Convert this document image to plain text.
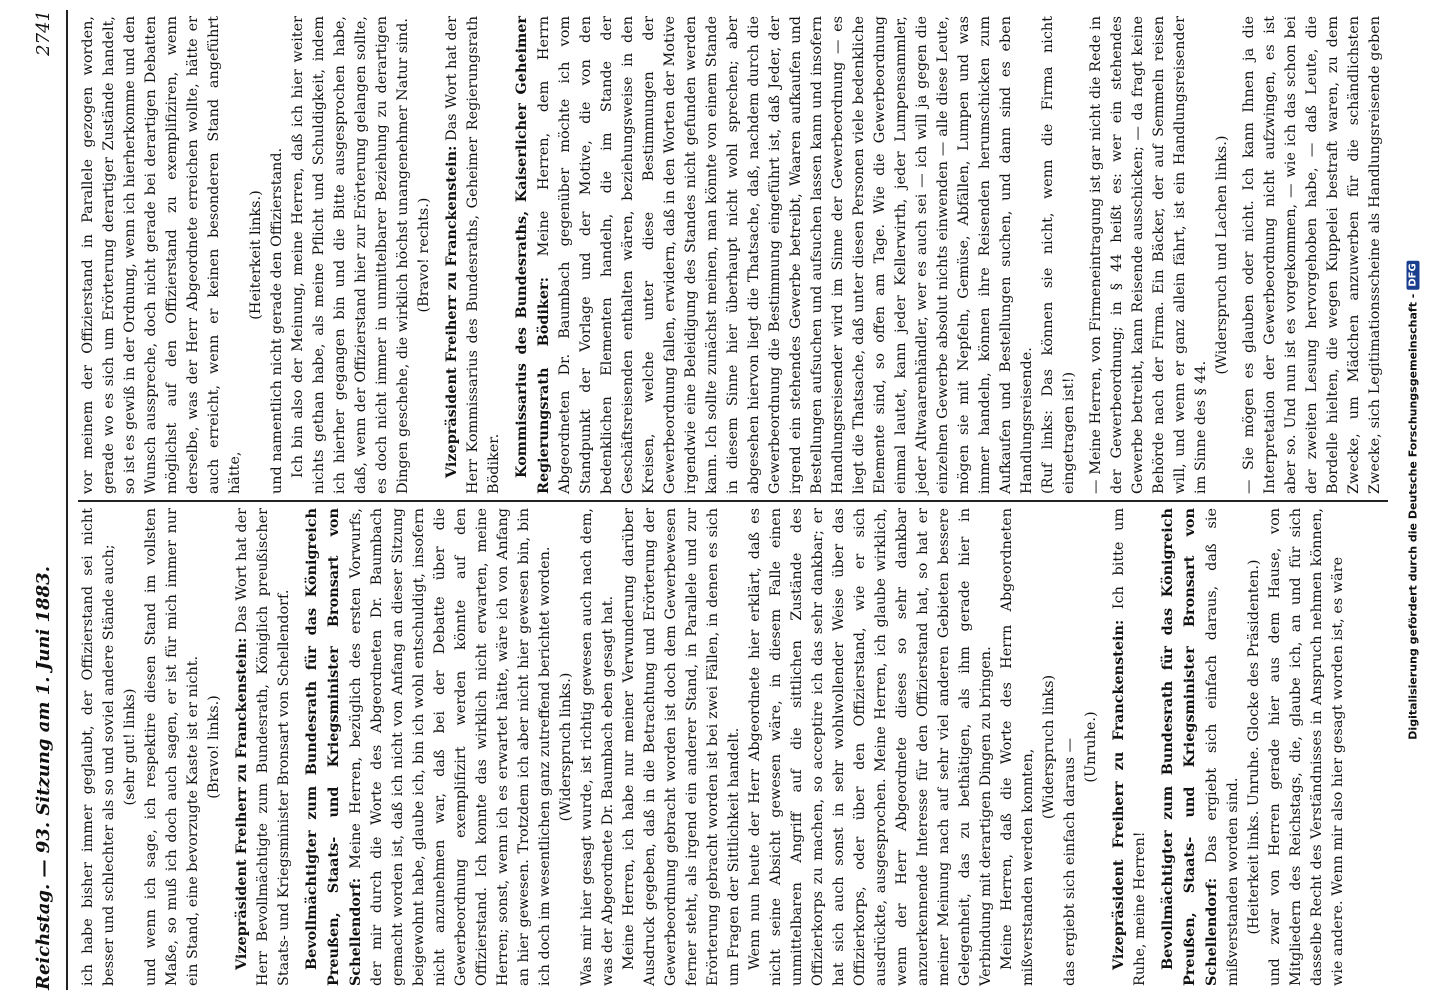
Reichstag. — 93. Sitzung am 1. Juni 1883.
2741

ich habe bisher immer geglaubt, der Offizierstand sei nicht besser und schlechter als so und soviel andere Stände auch; (sehr gut! links) und wenn ich sage, ich respektire diesen Stand im vollsten Maße, so muß ich doch auch sagen, er ist für mich immer nur ein Stand, eine bevorzugte Kaste ist er nicht. (Bravo! links.) Vizepräsident Freiherr zu Franckenstein: Das Wort hat der Herr Bevollmächtigte zum Bundesrath, Königlich preußischer Staats- und Kriegsminister Bronsart von Schellendorf. Bevollmächtigter zum Bundesrath für das Königreich Preußen, Staats- und Kriegsminister Bronsart von Schellendorf: Meine Herren, bezüglich des ersten Vorwurfs, der mir durch die Worte des Abgeordneten Dr. Baumbach gemacht worden ist, daß ich nicht von Anfang an dieser Sitzung beigewohnt habe, glaube ich, bin ich wohl entschuldigt, insofern nicht anzunehmen war, daß bei der Debatte über die Gewerbeordnung exemplifizirt werden könnte auf den Offizierstand. Ich konnte das wirklich nicht erwarten, meine Herren; sonst, wenn ich es erwartet hätte, wäre ich von Anfang an hier gewesen. Trotzdem ich aber nicht hier gewesen bin, bin ich doch im wesentlichen ganz zutreffend berichtet worden. (Widerspruch links.) Was mir hier gesagt wurde, ist richtig gewesen auch nach dem, was der Abgeordnete Dr. Baumbach eben gesagt hat. Meine Herren, ich habe nur meiner Verwunderung darüber Ausdruck gegeben, daß in die Betrachtung und Erörterung der Gewerbeordnung gebracht worden ist doch dem Gewerbewesen ferner steht, als irgend ein anderer Stand, in Parallele und zur Erörterung gebracht worden ist bei zwei Fällen, in denen es sich um Fragen der Sittlichkeit handelt. Wenn nun heute der Herr Abgeordnete hier erklärt, daß es nicht seine Absicht gewesen wäre, in diesem Falle einen unmittelbaren Angriff auf die sittlichen Zustände des Offizierkorps zu machen, so acceptire ich das sehr dankbar; er hat sich auch sonst in sehr wohlwollender Weise über das Offizierkorps, oder über den Offizierstand, wie er sich ausdrückte, ausgesprochen. Meine Herren, ich glaube wirklich, wenn der Herr Abgeordnete dieses so sehr dankbar anzuerkennende Interesse für den Offizierstand hat, so hat er meiner Meinung nach auf sehr viel anderen Gebieten bessere Gelegenheit, das zu bethätigen, als ihm gerade hier in Verbindung mit derartigen Dingen zu bringen. Meine Herren, daß die Worte des Herrn Abgeordneten mißverstanden werden konnten,

(Widerspruch links) das ergiebt sich einfach daraus — (Unruhe.) Vizepräsident Freiherr zu Franckenstein: Ich bitte um Ruhe, meine Herren! Bevollmächtigter zum Bundesrath für das Königreich Preußen, Staats- und Kriegsminister Bronsart von Schellendorf: Das ergiebt sich einfach daraus, daß sie mißverstanden worden sind. (Heiterkeit links. Unruhe. Glocke des Präsidenten.) und zwar von Herren gerade hier aus dem Hause, von Mitgliedern des Reichstags, die, glaube ich, an und für sich dasselbe Recht des Verständnisses in Anspruch nehmen können, wie andere. Wenn mir also hier gesagt worden ist, es wäre

vor meinem der Offizierstand in Parallele gezogen worden, gerade wo es sich um Erörterung derartiger Zustände handelt, so ist es gewiß in der Ordnung, wenn ich hierherkomme und den Wunsch ausspreche, doch nicht gerade bei derartigen Debatten möglichst auf den Offizierstand zu exemplifiziren, wenn derselbe, was der Herr Abgeordnete erreichen wollte, hätte er auch erreicht, wenn er keinen besonderen Stand angeführt hätte,

(Heiterkeit links.) und namentlich nicht gerade den Offizierstand. Ich bin also der Meinung, meine Herren, daß ich hier weiter nichts gethan habe, als meine Pflicht und Schuldigkeit, indem ich hierher gegangen bin und die Bitte ausgesprochen habe, daß, wenn der Offizierstand hier zur Erörterung gelangen sollte, es doch nicht immer in unmittelbarer Beziehung zu derartigen Dingen geschehe, die wirklich höchst unangenehmer Natur sind. (Bravo! rechts.) Vizepräsident Freiherr zu Franckenstein: Das Wort hat der Herr Kommissarius des Bundesraths, Geheimer Regierungsrath Bödiker. Kommissarius des Bundesraths, Kaiserlicher Geheimer Regierungsrath Bödiker: Meine Herren, dem Herrn Abgeordneten Dr. Baumbach gegenüber möchte ich vom Standpunkt der Vorlage und der Motive, die von den bedenklichen Elementen handeln, die im Stande der Geschäftsreisenden enthalten wären, beziehungsweise in den Kreisen, welche unter diese Bestimmungen der Gewerbeordnung fallen, erwidern, daß in den Worten der Motive irgendwie eine Beleidigung des Standes nicht gefunden werden kann. Ich sollte zunächst meinen, man könnte von einem Stande in diesem Sinne hier überhaupt nicht wohl sprechen; aber abgesehen hiervon liegt die Thatsache, daß, nachdem durch die Gewerbeordnung die Bestimmung eingeführt ist, daß Jeder, der irgend ein stehendes Gewerbe betreibt, Waaren aufkaufen und Bestellungen aufsuchen und aufsuchen lassen kann und insofern Handlungsreisender wird im Sinne der Gewerbeordnung — es liegt die Thatsache, daß unter diesen Personen viele bedenkliche Elemente sind, so offen am Tage. Wie die Gewerbeordnung einmal lautet, kann jeder Kellerwirth, jeder Lumpensammler, jeder Altwaarenhändler, wer es auch sei — ich will ja gegen die einzelnen Gewerbe absolut nichts einwenden — alle diese Leute, mögen sie mit Nepfeln, Gemüse, Abfällen, Lumpen und was immer handeln, können ihre Reisenden herumschicken zum Aufkaufen und Bestellungen suchen, und dann sind es eben Handlungsreisende. (Ruf links: Das können sie nicht, wenn die Firma nicht eingetragen ist!) — Meine Herren, von Firmeneintragung ist gar nicht die Rede in der Gewerbeordnung; in § 44 heißt es: wer ein stehendes Gewerbe betreibt, kann Reisende ausschicken; — da fragt keine Behörde nach der Firma. Ein Bäcker, der auf Semmeln reisen will, und wenn er ganz allein fährt, ist ein Handlungsreisender im Sinne des § 44.

(Widerspruch und Lachen links.)

— Sie mögen es glauben oder nicht. Ich kann Ihnen ja die Interpretation der Gewerbeordnung nicht aufzwingen, es ist aber so. Und nun ist es vorgekommen, — wie ich das schon bei der zweiten Lesung hervorgehoben habe, — daß Leute, die Bordelle hielten, die wegen Kuppelei bestraft waren, zu dem Zwecke, um Mädchen anzuwerben für die schändlichsten Zwecke, sich Legitimationsscheine als Handlungsreisende geben

Digitalisierung gefördert durch die Deutsche Forschungsgemeinschaft -
DFG
